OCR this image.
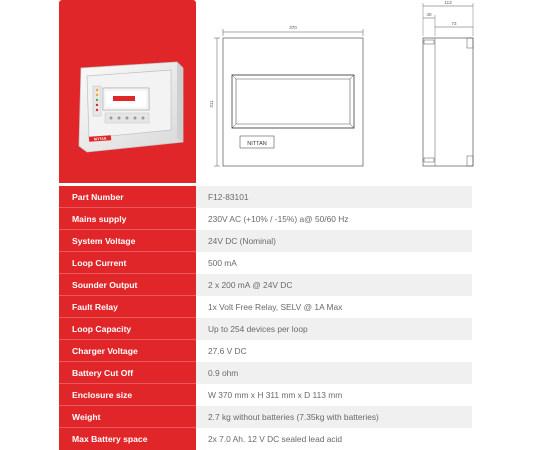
NITTAN
370
311
113
40
73
NITTAN
Part Number	F12-83101
Mains supply	230V AC (+10% / -15%) a@ 50/60 Hz
System Voltage	24V DC (Nominal)
Loop Current	500 mA
Sounder Output	2 x 200 mA @ 24V DC
Fault Relay	1x Volt Free Relay, SELV @ 1A Max
Loop Capacity	Up to 254 devices per loop
Charger Voltage	27.6 V DC
Battery Cut Off	0.9 ohm
Enclosure size	W 370 mm x H 311 mm x D 113 mm
Weight	2.7 kg without batteries (7.35kg with batteries)
Max Battery space	2x 7.0 Ah. 12 V DC sealed lead acid
